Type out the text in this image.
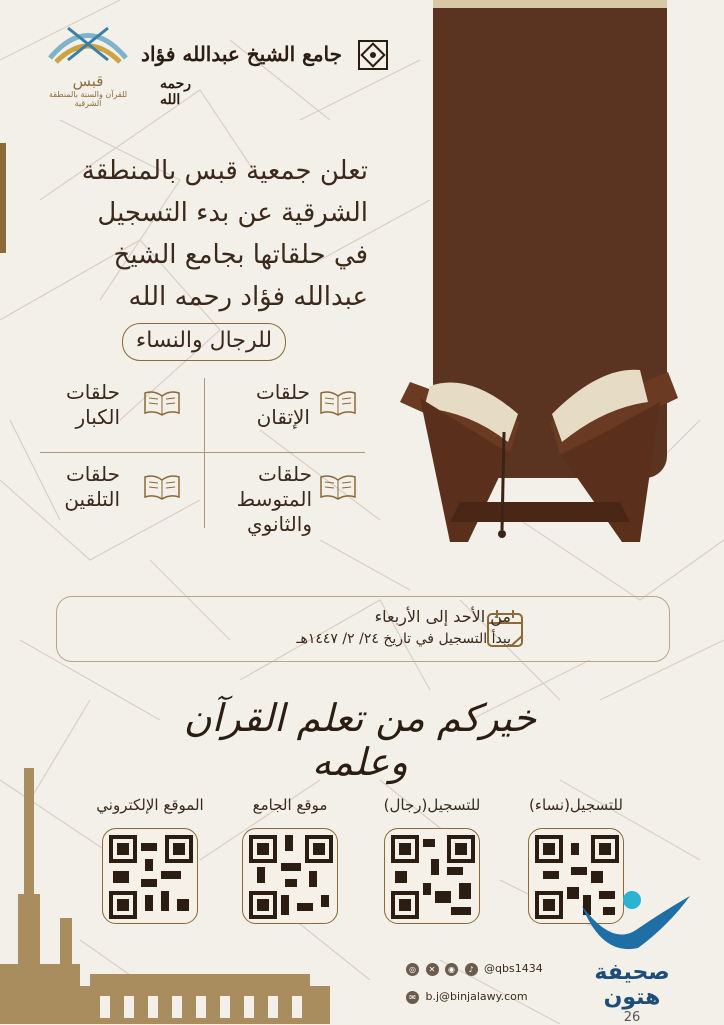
قبس
للقرآن والسنة بالمنطقة الشرقية
جامع الشيخ عبدالله فؤاد
رحمه الله
تعلن جمعية قبس بالمنطقة
الشرقية عن بدء التسجيل
في حلقاتها بجامع الشيخ
عبدالله فؤاد رحمه الله
للرجال والنساء
حلقات الإتقان
حلقات الكبار
حلقات المتوسط والثانوي
حلقات التلقين
من الأحد إلى الأربعاء
يبدأ التسجيل في تاريخ ٢٤/ ٢/ ١٤٤٧هـ
خيركم من تعلم القرآن وعلمه
للتسجيل(نساء)
للتسجيل(رجال)
موقع الجامع
الموقع الإلكتروني
◎ ✕ ◉ ♪ @qbs1434
✉ b.j@binjalawy.com
صحيفة هتون
26
